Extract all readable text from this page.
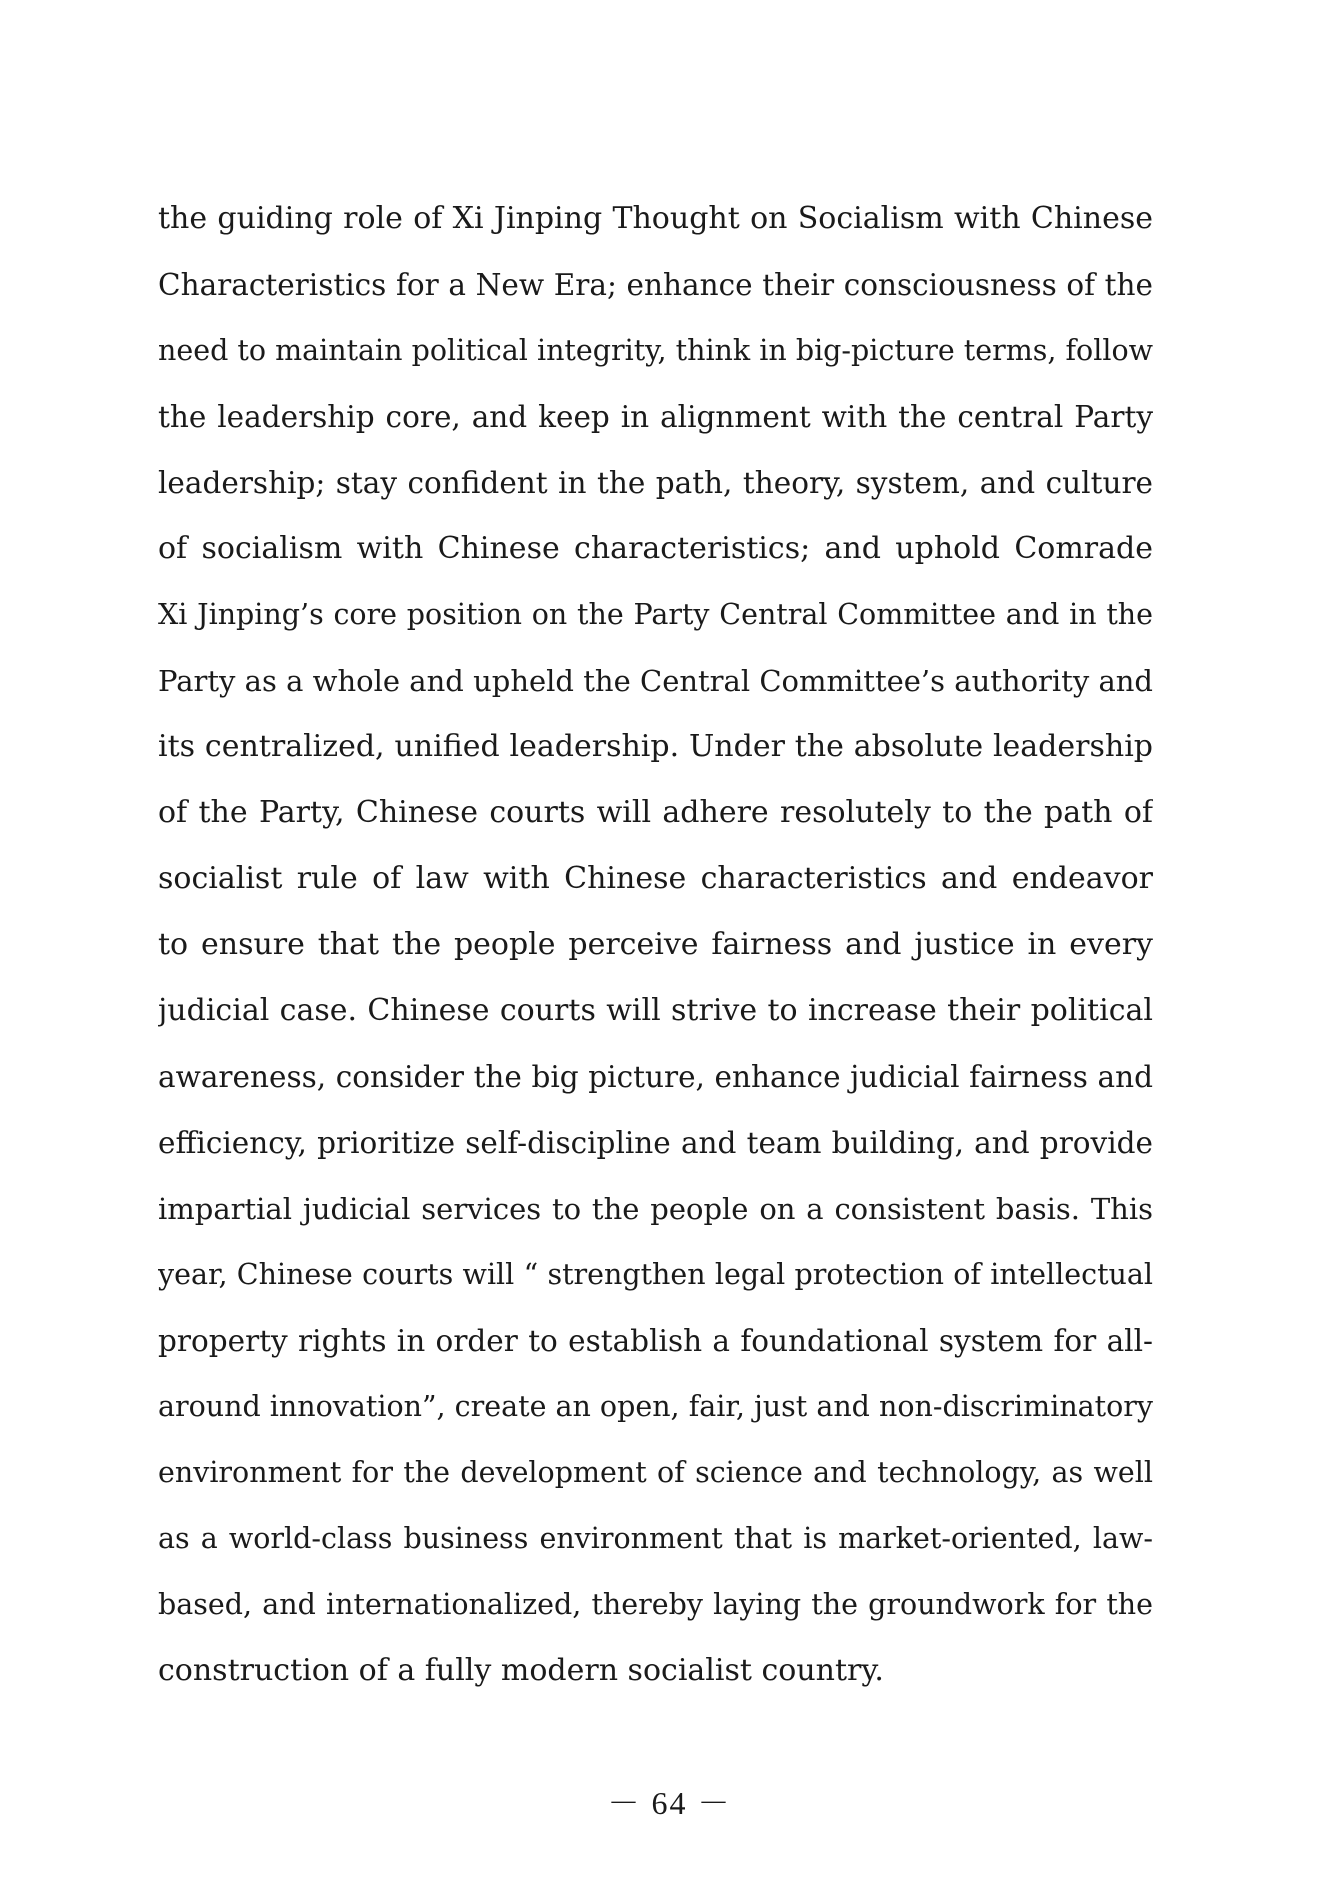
the guiding role of Xi Jinping Thought on Socialism with Chinese
Characteristics for a New Era; enhance their consciousness of the
need to maintain political integrity, think in big-picture terms, follow
the leadership core, and keep in alignment with the central Party
leadership; stay confident in the path, theory, system, and culture
of socialism with Chinese characteristics; and uphold Comrade
Xi Jinping’s core position on the Party Central Committee and in the
Party as a whole and upheld the Central Committee’s authority and
its centralized, unified leadership. Under the absolute leadership
of the Party, Chinese courts will adhere resolutely to the path of
socialist rule of law with Chinese characteristics and endeavor
to ensure that the people perceive fairness and justice in every
judicial case. Chinese courts will strive to increase their political
awareness, consider the big picture, enhance judicial fairness and
efficiency, prioritize self-discipline and team building, and provide
impartial judicial services to the people on a consistent basis. This
year, Chinese courts will “ strengthen legal protection of intellectual
property rights in order to establish a foundational system for all-
around innovation”, create an open, fair, just and non-discriminatory
environment for the development of science and technology, as well
as a world-class business environment that is market-oriented, law-
based, and internationalized, thereby laying the groundwork for the
construction of a fully modern socialist country.
－ 64 －
